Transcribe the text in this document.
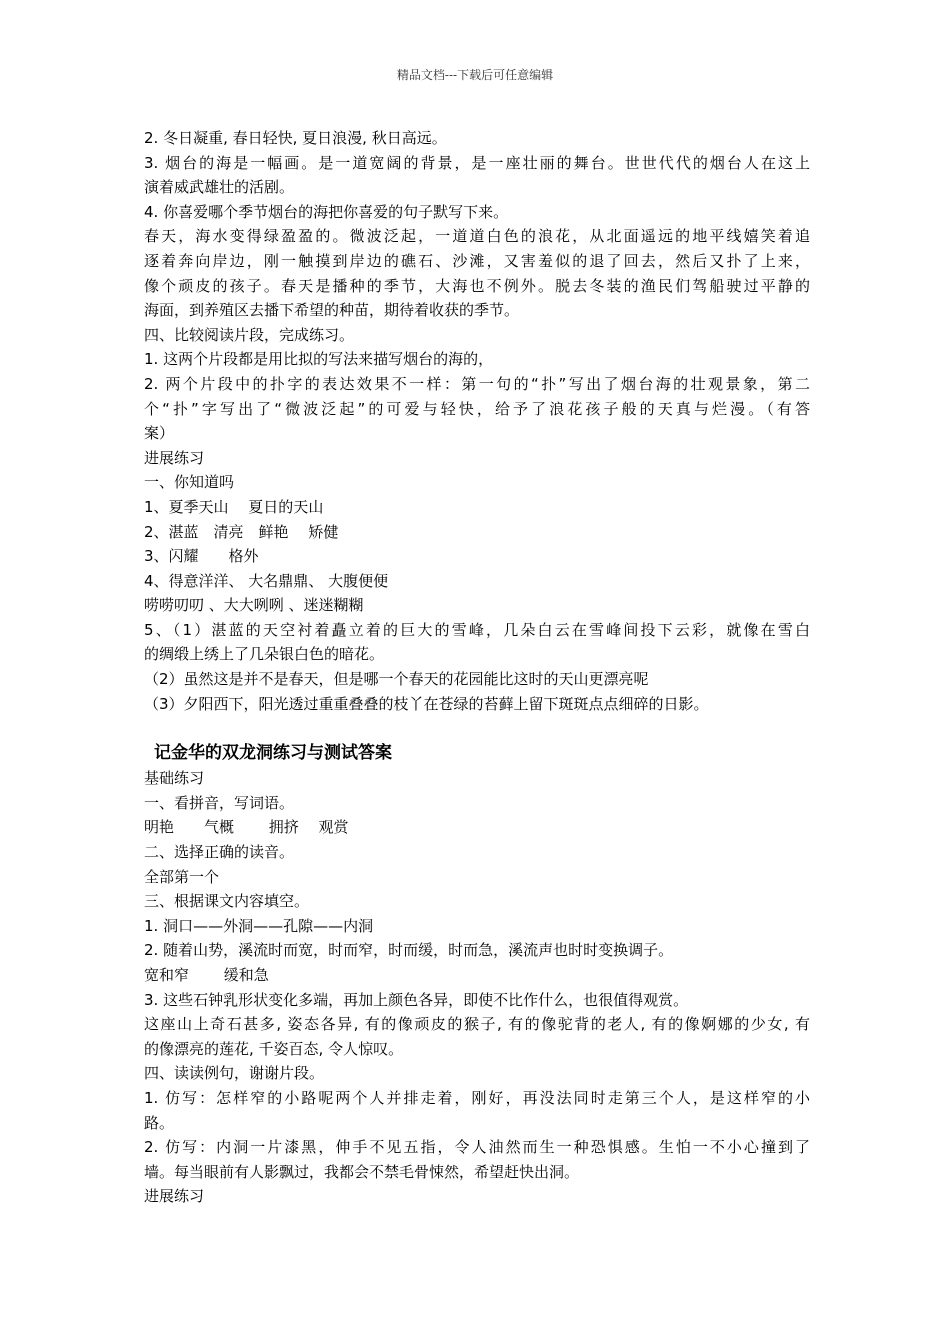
精品文档---下载后可任意编辑
2. 冬日凝重, 春日轻快, 夏日浪漫, 秋日高远。
3. 烟台的海是一幅画。是一道宽阔的背景，是一座壮丽的舞台。世世代代的烟台人在这上
演着威武雄壮的活剧。
4. 你喜爱哪个季节烟台的海把你喜爱的句子默写下来。
春天，海水变得绿盈盈的。微波泛起，一道道白色的浪花，从北面遥远的地平线嬉笑着追
逐着奔向岸边，刚一触摸到岸边的礁石、沙滩，又害羞似的退了回去，然后又扑了上来，
像个顽皮的孩子。春天是播种的季节，大海也不例外。脱去冬装的渔民们驾船驶过平静的
海面，到养殖区去播下希望的种苗，期待着收获的季节。
四、比较阅读片段，完成练习。
1. 这两个片段都是用比拟的写法来描写烟台的海的，
2. 两个片段中的扑字的表达效果不一样：第一句的“扑”写出了烟台海的壮观景象，第二
个“扑”字写出了“微波泛起”的可爱与轻快，给予了浪花孩子般的天真与烂漫。（有答
案）
进展练习
一、你知道吗
1、夏季天山　 夏日的天山
2、湛蓝　清亮　鲜艳　 矫健
3、闪耀　　格外
4、得意洋洋、 大名鼎鼎、 大腹便便
唠唠叨叨 、大大咧咧 、迷迷糊糊
5、（1）湛蓝的天空衬着矗立着的巨大的雪峰，几朵白云在雪峰间投下云彩，就像在雪白
的绸缎上绣上了几朵银白色的暗花。
（2）虽然这是并不是春天，但是哪一个春天的花园能比这时的天山更漂亮呢
（3）夕阳西下，阳光透过重重叠叠的枝丫在苍绿的苔藓上留下斑斑点点细碎的日影。
记金华的双龙洞练习与测试答案
基础练习
一、看拼音，写词语。
明艳　　气概　　 拥挤　 观赏
二、选择正确的读音。
全部第一个
三、根据课文内容填空。
1. 洞口——外洞——孔隙——内洞
2. 随着山势，溪流时而宽，时而窄，时而缓，时而急，溪流声也时时变换调子。
宽和窄　　 缓和急
3. 这些石钟乳形状变化多端，再加上颜色各异，即使不比作什么，也很值得观赏。
这座山上奇石甚多, 姿态各异, 有的像顽皮的猴子, 有的像驼背的老人, 有的像婀娜的少女, 有
的像漂亮的莲花, 千姿百态, 令人惊叹。
四、读读例句，谢谢片段。
1. 仿写：怎样窄的小路呢两个人并排走着，刚好，再没法同时走第三个人，是这样窄的小
路。
2. 仿写：内洞一片漆黑，伸手不见五指，令人油然而生一种恐惧感。生怕一不小心撞到了
墙。每当眼前有人影飘过，我都会不禁毛骨悚然，希望赶快出洞。
进展练习
